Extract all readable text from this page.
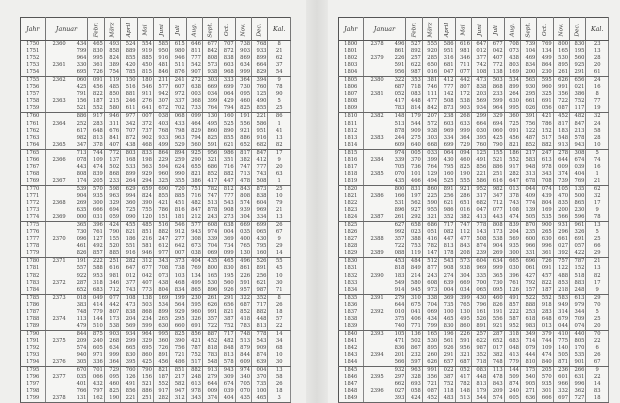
Jahr	Januar		Febr.	März	April	Mai	Juni	Juli	Aug.	Sept.	Oct.	Nov.	Dec.	Kal.
1750	2360	434	465	493	524	554	585	615	646	677	707	738	768	8
1751		799	830	858	889	919	950	980	811	842	872	903	933	21
1752		964	995	824	855	885	916	946	777	808	838	869	899	62
1753	2361	330	361	389	420	450	481	511	542	573	603	634	664	37
1754		695	726	754	785	815	846	876	907	938	968	999	829	54
1755	2362	060	091	119	150	180	211	241	272	303	333	364	394	9
1756		425	456	485	516	546	577	607	638	669	699	730	760	78
1757		791	822	850	881	911	942	972	003	034	064	095	125	90
1758	2363	156	187	215	246	276	307	337	368	399	429	460	490	5
1759		521	552	580	611	641	672	702	733	764	794	825	855	25
1760		886	917	946	977	007	038	068	099	130	160	191	221	86
1761	2364	252	283	311	342	372	403	433	464	495	525	556	586	1
1762		617	648	676	707	737	768	798	829	860	890	921	951	41
1763		982	813	841	872	902	933	963	794	825	855	886	916	13
1764	2365	347	378	407	438	468	499	529	560	591	621	652	682	82
1765		713	744	772	803	833	864	894	925	956	986	817	847	17
1766	2366	078	109	137	168	198	229	259	290	321	351	382	412	9
1767		443	474	502	533	563	594	624	655	686	716	747	777	20
1768		808	839	868	899	929	960	990	821	852	882	713	743	63
1769	2367	174	205	233	264	294	325	355	386	417	447	478	508	1
1770		539	570	598	629	659	690	720	751	782	812	843	873	25
1771		904	935	963	994	824	855	885	716	747	777	808	838	10
1772	2368	269	300	329	360	390	421	451	482	513	543	574	604	79
1773		635	666	694	725	755	786	816	847	878	908	939	969	21
1774	2369	000	031	059	090	120	151	181	212	243	273	304	334	13
1775		365	396	424	455	485	516	546	577	608	638	669	699	26
1776		730	761	790	821	851	882	912	943	974	004	035	065	67
1777	2370	096	127	155	186	216	247	277	308	339	369	400	430	9
1778		461	492	520	551	581	612	642	673	704	734	765	795	29
1779		826	857	885	916	946	977	007	038	069	099	130	160	14
1780	2371	191	222	251	282	312	343	373	404	435	465	496	526	55
1781		557	588	616	647	677	708	738	769	800	830	861	891	45
1782		922	953	981	012	042	073	103	134	165	195	226	256	10
1783	2372	287	318	346	377	407	438	468	499	530	560	591	621	30
1784		652	683	712	743	773	804	834	865	896	926	957	987	71
1785	2373	018	049	077	108	138	169	199	230	261	291	322	352	8
1786		383	414	442	473	503	534	564	595	626	656	687	717	26
1787		748	779	807	838	868	899	929	960	991	821	852	882	18
1788	2374	113	144	173	204	234	265	295	326	357	387	418	448	57
1789		479	510	538	569	599	630	660	691	722	752	783	813	22
1790		844	875	903	934	964	995	825	856	887	717	748	778	14
1791	2375	209	240	268	299	329	360	390	421	452	482	513	543	34
1792		574	605	634	665	695	726	756	787	818	848	879	909	68
1793		940	971	999	830	860	891	721	752	783	813	844	874	10
1794	2376	305	336	364	395	425	456	486	517	548	578	609	639	30
1795		670	701	729	760	790	821	851	882	913	943	974	004	13
1796	2377	035	066	095	126	156	187	217	248	279	309	340	370	58
1797		401	432	460	491	521	552	582	613	644	674	705	735	26
1798		766	797	825	856	886	917	947	978	009	039	070	100	18
1799	2378	131	162	190	221	251	282	312	343	374	404	435	465	3
Jahr	Januar		Febr.	März	April	Mai	Juni	Juli	Aug.	Sept.	Oct.	Nov.	Dec.	Kal.
1800	2378	496	527	555	586	616	647	677	708	739	769	800	830	23
1801		861	892	920	951	981	012	042	073	104	134	165	195	13
1802	2379	226	257	285	316	346	377	407	438	469	499	530	560	28
1803		591	622	650	681	711	742	772	803	834	864	895	925	20
1804		956	987	016	047	077	108	138	169	200	230	261	291	61
1805	2380	322	353	381	412	442	473	503	534	565	595	626	656	24
1806		687	718	746	777	807	838	868	899	930	960	991	021	16
1807	2381	052	083	111	142	172	203	233	264	295	325	356	386	8
1808		417	448	477	508	538	569	599	630	661	691	722	752	77
1809		783	814	842	873	903	934	964	995	026	056	087	117	19
1810	2382	148	179	207	238	268	299	329	360	391	421	452	482	32
1811		513	544	572	603	633	664	694	725	756	786	817	847	24
1812		878	909	938	969	999	030	060	091	122	152	183	213	58
1813	2383	244	275	303	334	364	395	425	456	487	517	548	578	28
1814		609	640	668	699	729	760	790	821	852	882	913	943	10
1815		974	005	033	064	094	125	155	186	217	247	278	308	5
1816	2384	339	370	399	430	460	491	521	552	583	613	644	674	74
1817		705	736	764	795	825	856	886	917	948	978	009	039	16
1818	2385	070	101	129	160	190	221	251	282	313	343	374	404	1
1819		435	466	494	525	555	586	616	647	678	708	739	769	21
1820		800	831	860	891	921	952	982	013	044	074	105	135	62
1821	2386	166	197	225	256	286	317	347	378	409	439	470	500	32
1822		531	562	590	621	651	682	712	743	774	804	835	865	17
1823		896	927	955	986	016	047	077	108	139	169	200	230	9
1824	2387	261	292	321	352	382	413	443	474	505	535	566	596	78
1825		627	658	686	717	747	778	808	839	870	900	931	961	13
1826		992	023	051	082	112	143	173	204	235	265	296	326	5
1827	2388	357	388	416	447	477	508	538	569	600	630	661	691	25
1828		722	753	782	813	843	874	904	935	966	996	027	057	66
1829	2389	088	119	147	178	208	239	269	300	331	361	392	422	29
1830		453	484	512	543	573	604	634	665	696	726	757	787	21
1831		818	849	877	908	938	969	999	030	061	091	122	152	13
1832	2390	183	214	243	274	304	335	365	396	427	457	488	518	82
1833		549	580	608	639	669	700	730	761	792	822	853	883	17
1834		914	945	973	004	034	065	095	126	157	187	218	248	9
1835	2391	279	310	338	369	399	430	460	491	522	552	583	613	29
1836		644	675	704	735	765	796	826	857	888	918	949	979	70
1837	2392	010	041	069	100	130	161	191	222	253	283	314	344	5
1838		375	406	434	465	495	526	556	587	618	648	679	709	25
1839		740	771	799	830	860	891	921	952	983	013	044	074	20
1840	2393	105	136	165	196	226	257	287	318	349	379	410	440	70
1841		471	502	530	561	591	622	652	683	714	744	775	805	22
1842		836	867	895	926	956	987	017	048	079	109	140	170	6
1843	2394	201	232	260	291	321	352	382	413	444	474	505	535	26
1844		566	597	626	657	687	718	748	779	810	840	871	901	67
1845		932	963	991	022	052	083	113	144	175	205	236	266	9
1846	2395	297	328	356	387	417	448	478	509	540	570	601	631	22
1847		662	693	721	752	782	813	843	874	905	935	966	996	14
1848	2396	027	058	087	118	148	179	209	240	271	301	332	362	83
1849		393	424	452	483	513	544	574	605	636	666	697	727	18
